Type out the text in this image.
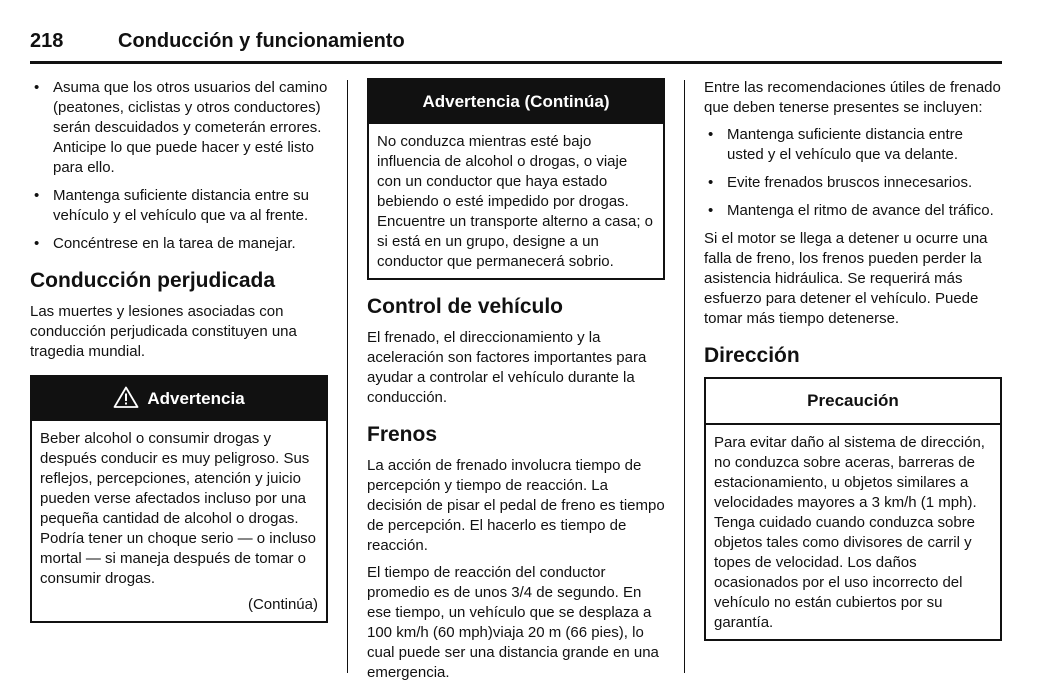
218	Conducción y funcionamiento
• Asuma que los otros usuarios del camino (peatones, ciclistas y otros conductores) serán descuidados y cometerán errores. Anticipe lo que puede hacer y esté listo para ello.
• Mantenga suficiente distancia entre su vehículo y el vehículo que va al frente.
• Concéntrese en la tarea de manejar.
Conducción perjudicada

Las muertes y lesiones asociadas con conducción perjudicada constituyen una tragedia mundial.

Advertencia
Beber alcohol o consumir drogas y después conducir es muy peligroso. Sus reflejos, percepciones, atención y juicio pueden verse afectados incluso por una pequeña cantidad de alcohol o drogas. Podría tener un choque serio — o incluso mortal — si maneja después de tomar o consumir drogas.
(Continúa)
Advertencia (Continúa)
No conduzca mientras esté bajo influencia de alcohol o drogas, o viaje con un conductor que haya estado bebiendo o esté impedido por drogas. Encuentre un transporte alterno a casa; o si está en un grupo, designe a un conductor que permanecerá sobrio.
Control de vehículo

El frenado, el direccionamiento y la aceleración son factores importantes para ayudar a controlar el vehículo durante la conducción.

Frenos

La acción de frenado involucra tiempo de percepción y tiempo de reacción. La decisión de pisar el pedal de freno es tiempo de percepción. El hacerlo es tiempo de reacción.

El tiempo de reacción del conductor promedio es de unos 3/4 de segundo. En ese tiempo, un vehículo que se desplaza a 100 km/h (60 mph)viaja 20 m (66 pies), lo cual puede ser una distancia grande en una emergencia.

Entre las recomendaciones útiles de frenado que deben tenerse presentes se incluyen:

• Mantenga suficiente distancia entre usted y el vehículo que va delante.
• Evite frenados bruscos innecesarios.
• Mantenga el ritmo de avance del tráfico.

Si el motor se llega a detener u ocurre una falla de freno, los frenos pueden perder la asistencia hidráulica. Se requerirá más esfuerzo para detener el vehículo. Puede tomar más tiempo detenerse.

Dirección
Precaución
Para evitar daño al sistema de dirección, no conduzca sobre aceras, barreras de estacionamiento, u objetos similares a velocidades mayores a 3 km/h (1 mph). Tenga cuidado cuando conduzca sobre objetos tales como divisores de carril y topes de velocidad. Los daños ocasionados por el uso incorrecto del vehículo no están cubiertos por su garantía.
